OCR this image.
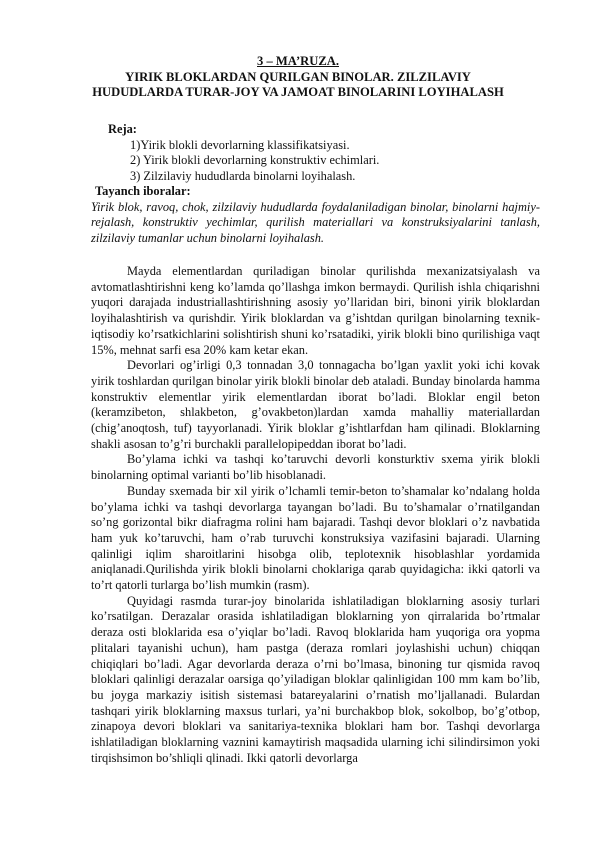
3 – MA’RUZA.
YIRIK BLOKLARDAN QURILGAN BINOLAR. ZILZILAVIY
HUDUDLARDA TURAR-JOY VA JAMOAT BINOLARINI LOYIHALASH
Reja:
1)Yirik blokli devorlarning klassifikatsiyasi.
2) Yirik blokli devorlarning konstruktiv echimlari.
3) Zilzilaviy hududlarda binolarni loyihalash.
Tayanch iboralar:
Yirik blok, ravoq, chok, zilzilaviy hududlarda foydalaniladigan binolar, binolarni hajmiy-rejalash, konstruktiv yechimlar, qurilish materiallari va konstruksiyalarini tanlash, zilzilaviy tumanlar uchun binolarni loyihalash.

Mayda elementlardan quriladigan binolar qurilishda mexanizatsiyalash va avtomatlashtirishni keng ko’lamda qo’llashga imkon bermaydi. Qurilish ishla chiqarishni yuqori darajada industriallashtirishning asosiy yo’llaridan biri, binoni yirik bloklardan loyihalashtirish va qurishdir. Yirik bloklardan va g’ishtdan qurilgan binolarning texnik-iqtisodiy ko’rsatkichlarini solishtirish shuni ko’rsatadiki, yirik blokli bino qurilishiga vaqt 15%, mehnat sarfi esa 20% kam ketar ekan.

Devorlari og’irligi 0,3 tonnadan 3,0 tonnagacha bo’lgan yaxlit yoki ichi kovak yirik toshlardan qurilgan binolar yirik blokli binolar deb ataladi. Bunday binolarda hamma konstruktiv elementlar yirik elementlardan iborat bo’ladi. Bloklar engil beton (keramzibeton, shlakbeton, g’ovakbeton)lardan xamda mahalliy materiallardan (chig’anoqtosh, tuf) tayyorlanadi. Yirik bloklar g’ishtlarfdan ham qilinadi. Bloklarning shakli asosan to’g’ri burchakli parallelopipeddan iborat bo’ladi.

Bo’ylama ichki va tashqi ko’taruvchi devorli konsturktiv sxema yirik blokli binolarning optimal varianti bo’lib hisoblanadi.

Bunday sxemada bir xil yirik o’lchamli temir-beton to’shamalar ko’ndalang holda bo’ylama ichki va tashqi devorlarga tayangan bo’ladi. Bu to’shamalar o’rnatilgandan so’ng gorizontal bikr diafragma rolini ham bajaradi. Tashqi devor bloklari o’z navbatida ham yuk ko’taruvchi, ham o’rab turuvchi konstruksiya vazifasini bajaradi. Ularning qalinligi iqlim sharoitlarini hisobga olib, teplotexnik hisoblashlar yordamida aniqlanadi.Qurilishda yirik blokli binolarni choklariga qarab quyidagicha: ikki qatorli va to’rt qatorli turlarga bo’lish mumkin (rasm).

Quyidagi rasmda turar-joy binolarida ishlatiladigan bloklarning asosiy turlari ko’rsatilgan. Derazalar orasida ishlatiladigan bloklarning yon qirralarida bo’rtmalar deraza osti bloklarida esa o’yiqlar bo’ladi. Ravoq bloklarida ham yuqoriga ora yopma plitalari tayanishi uchun), ham pastga (deraza romlari joylashishi uchun) chiqqan chiqiqlari bo’ladi. Agar devorlarda deraza o’rni bo’lmasa, binoning tur qismida ravoq bloklari qalinligi derazalar oarsiga qo’yiladigan bloklar qalinligidan 100 mm kam bo’lib, bu joyga markaziy isitish sistemasi batareyalarini o’rnatish mo’ljallanadi. Bulardan tashqari yirik bloklarning maxsus turlari, ya’ni burchakbop blok, sokolbop, bo’g’otbop, zinapoya devori bloklari va sanitariya-texnika bloklari ham bor. Tashqi devorlarga ishlatiladigan bloklarning vaznini kamaytirish maqsadida ularning ichi silindirsimon yoki tirqishsimon bo’shliqli qlinadi. Ikki qatorli devorlarga
